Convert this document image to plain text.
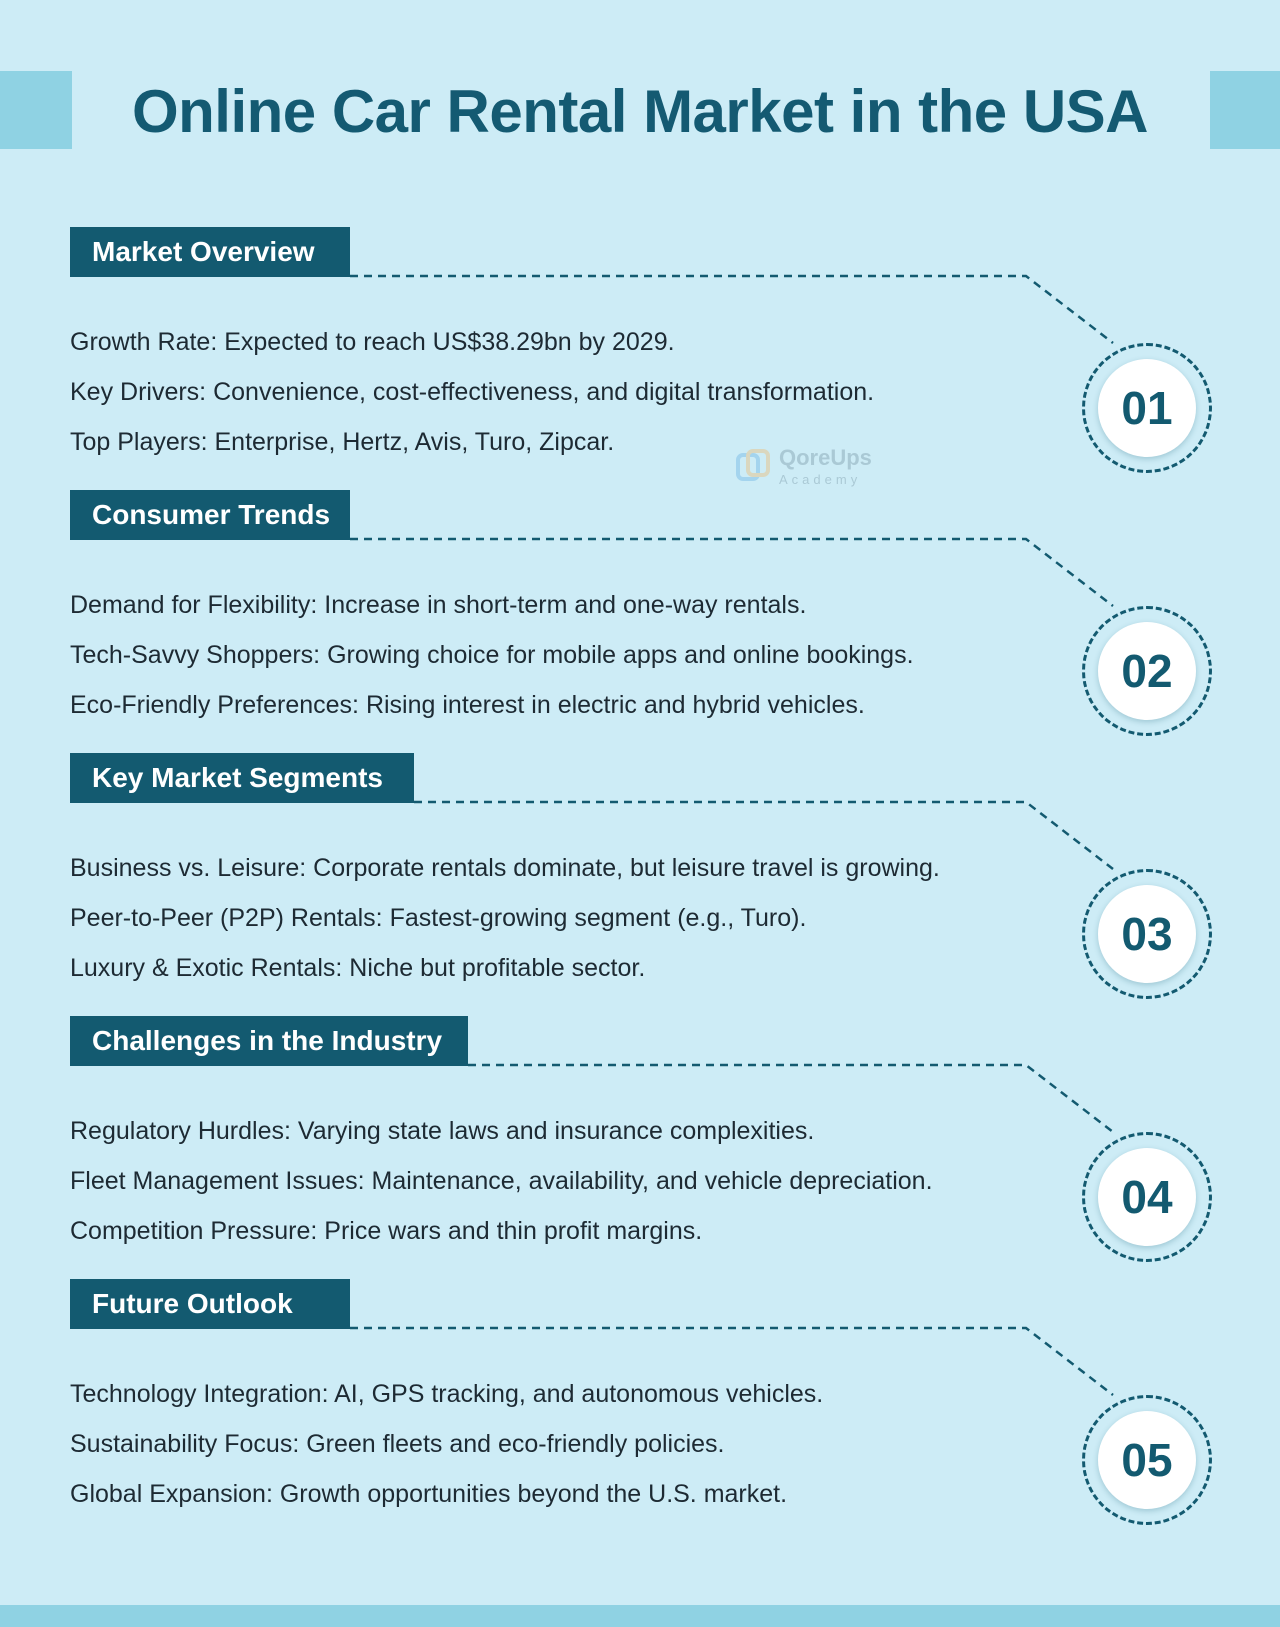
Online Car Rental Market in the USA
QoreUps
Academy
Market Overview

Growth Rate: Expected to reach US$38.29bn by 2029.

Key Drivers: Convenience, cost-effectiveness, and digital transformation.

Top Players: Enterprise, Hertz, Avis, Turo, Zipcar.

01
Consumer Trends

Demand for Flexibility: Increase in short-term and one-way rentals.

Tech-Savvy Shoppers: Growing choice for mobile apps and online bookings.

Eco-Friendly Preferences: Rising interest in electric and hybrid vehicles.

02
Key Market Segments

Business vs. Leisure: Corporate rentals dominate, but leisure travel is growing.

Peer-to-Peer (P2P) Rentals: Fastest-growing segment (e.g., Turo).

Luxury & Exotic Rentals: Niche but profitable sector.

03
Challenges in the Industry

Regulatory Hurdles: Varying state laws and insurance complexities.

Fleet Management Issues: Maintenance, availability, and vehicle depreciation.

Competition Pressure: Price wars and thin profit margins.

04
Future Outlook

Technology Integration: AI, GPS tracking, and autonomous vehicles.

Sustainability Focus: Green fleets and eco-friendly policies.

Global Expansion: Growth opportunities beyond the U.S. market.

05
